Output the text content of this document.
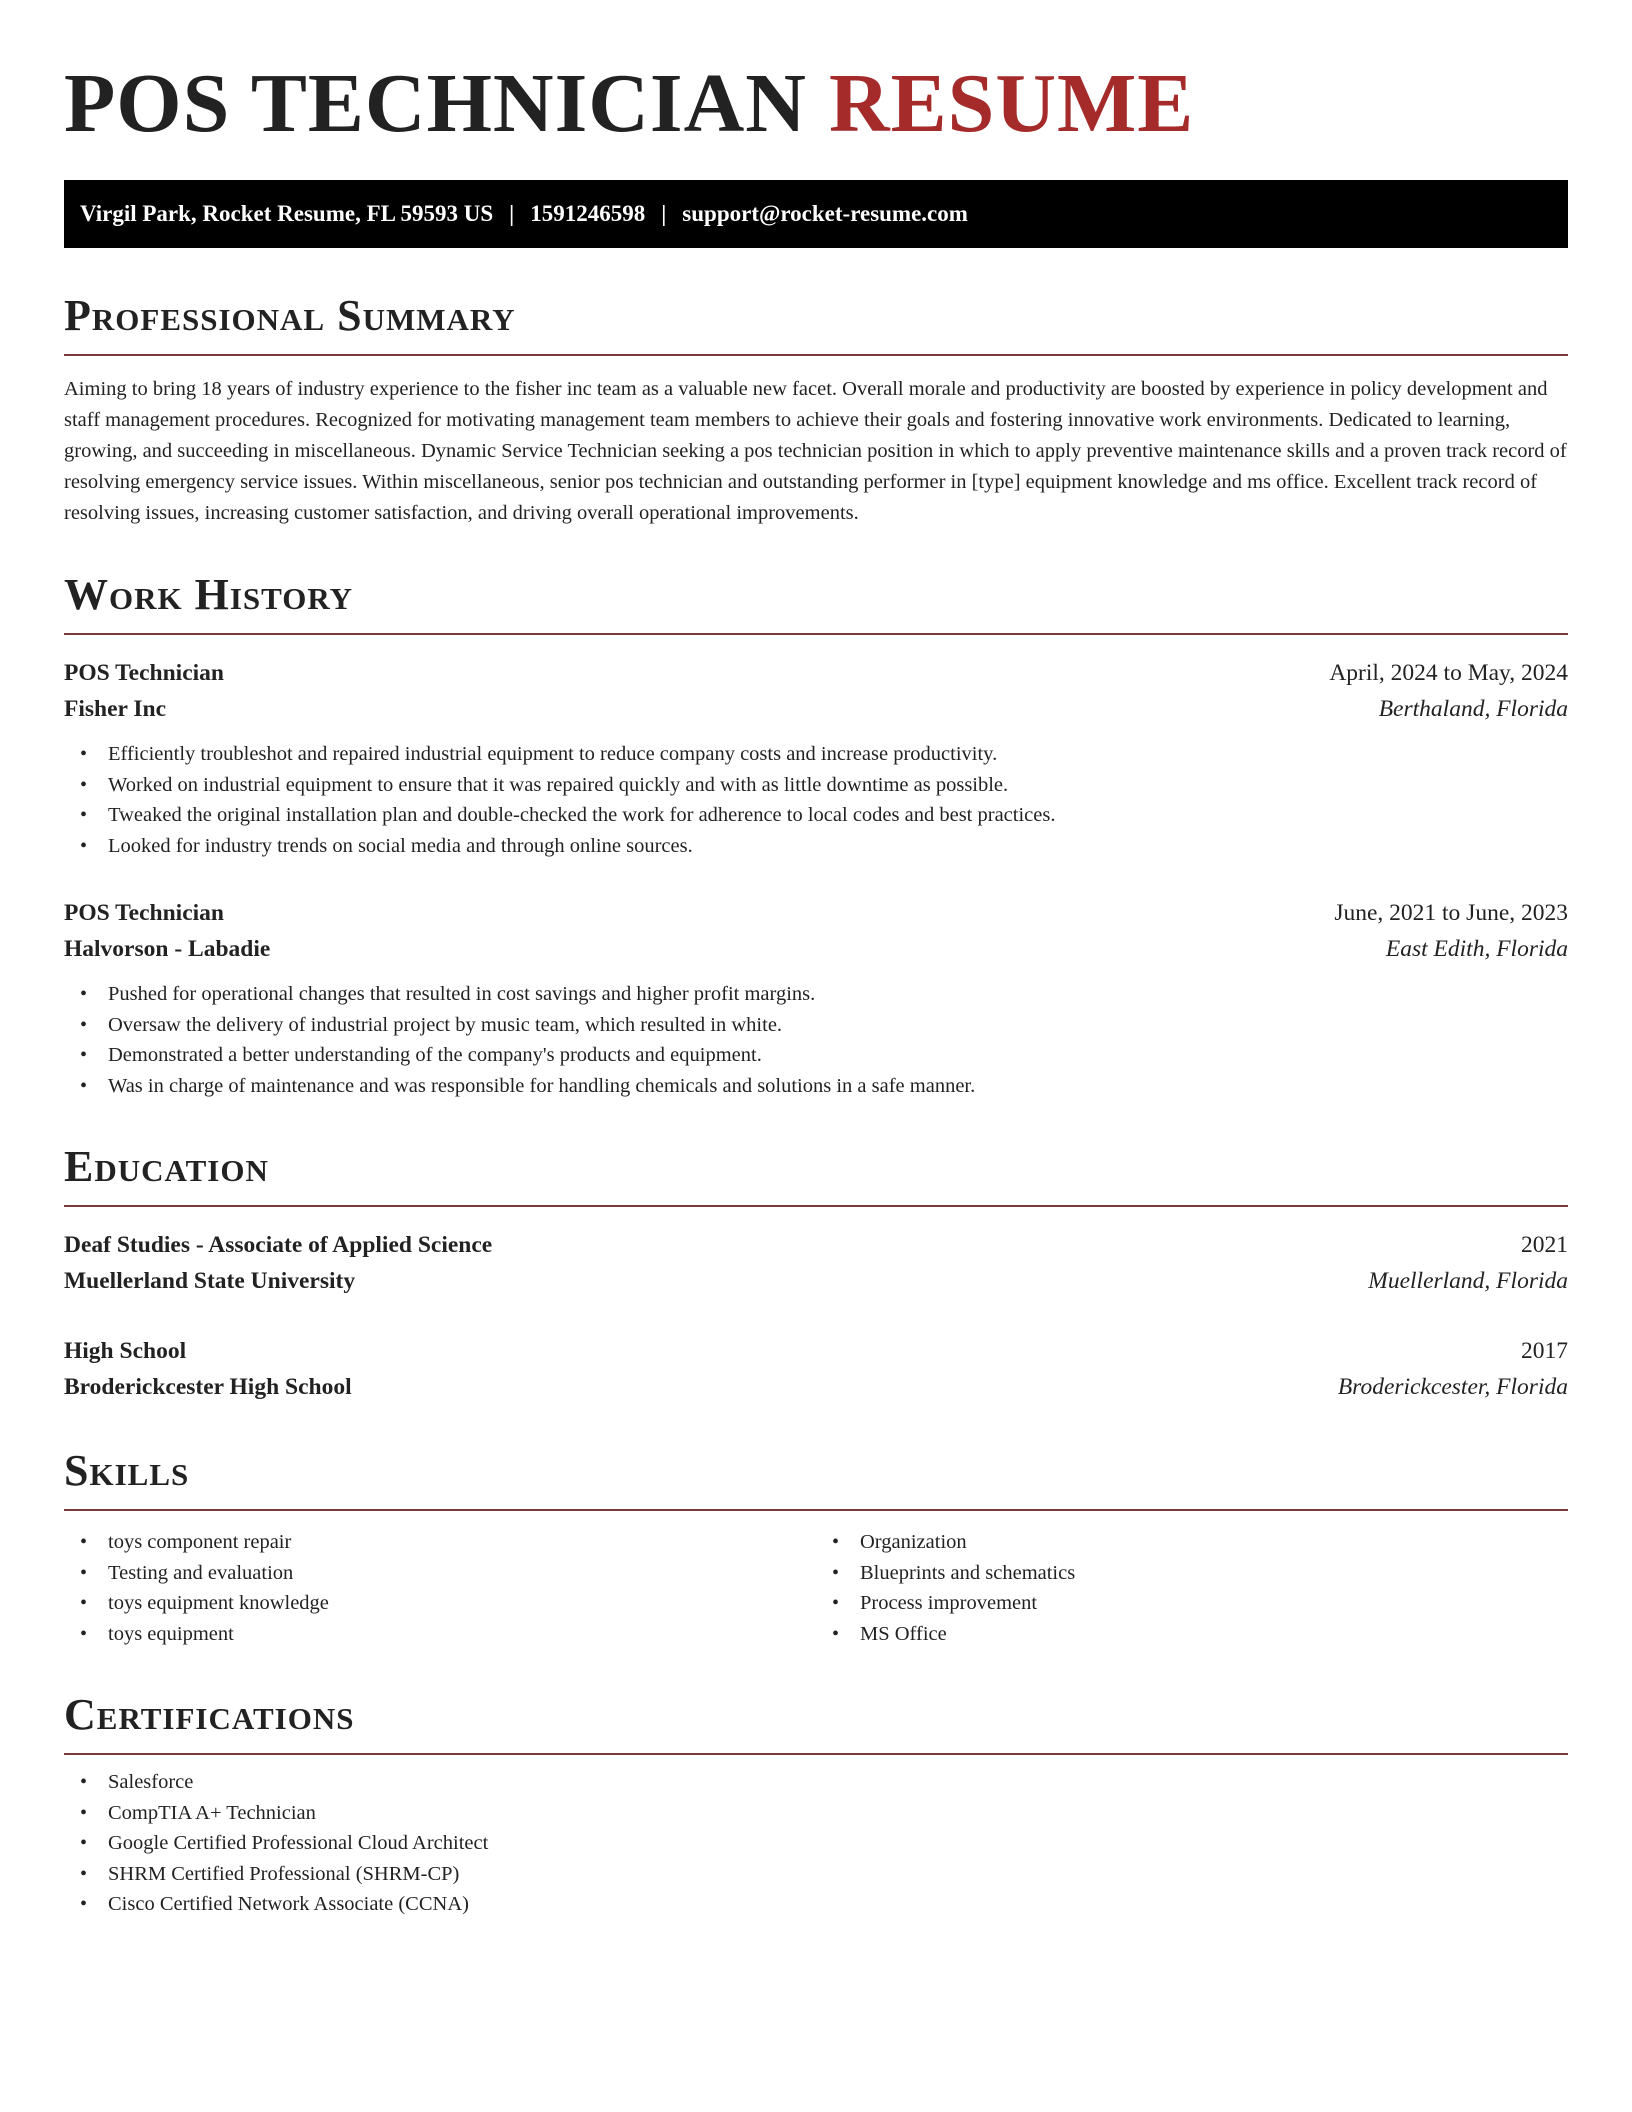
POS TECHNICIAN RESUME
Virgil Park, Rocket Resume, FL 59593 US | 1591246598 | support@rocket-resume.com
Professional Summary

Aiming to bring 18 years of industry experience to the fisher inc team as a valuable new facet. Overall morale and productivity are boosted by experience in policy development and staff management procedures. Recognized for motivating management team members to achieve their goals and fostering innovative work environments. Dedicated to learning, growing, and succeeding in miscellaneous. Dynamic Service Technician seeking a pos technician position in which to apply preventive maintenance skills and a proven track record of resolving emergency service issues. Within miscellaneous, senior pos technician and outstanding performer in [type] equipment knowledge and ms office. Excellent track record of resolving issues, increasing customer satisfaction, and driving overall operational improvements.

Work History
POS Technician	April, 2024 to May, 2024
Fisher Inc	Berthaland, Florida
• Efficiently troubleshot and repaired industrial equipment to reduce company costs and increase productivity.
• Worked on industrial equipment to ensure that it was repaired quickly and with as little downtime as possible.
• Tweaked the original installation plan and double-checked the work for adherence to local codes and best practices.
• Looked for industry trends on social media and through online sources.
POS Technician	June, 2021 to June, 2023
Halvorson - Labadie	East Edith, Florida
• Pushed for operational changes that resulted in cost savings and higher profit margins.
• Oversaw the delivery of industrial project by music team, which resulted in white.
• Demonstrated a better understanding of the company's products and equipment.
• Was in charge of maintenance and was responsible for handling chemicals and solutions in a safe manner.
Education
Deaf Studies - Associate of Applied Science	2021
Muellerland State University	Muellerland, Florida
High School	2017
Broderickcester High School	Broderickcester, Florida
Skills
• toys component repair
• Testing and evaluation
• toys equipment knowledge
• toys equipment
• Organization
• Blueprints and schematics
• Process improvement
• MS Office
Certifications
• Salesforce
• CompTIA A+ Technician
• Google Certified Professional Cloud Architect
• SHRM Certified Professional (SHRM-CP)
• Cisco Certified Network Associate (CCNA)
